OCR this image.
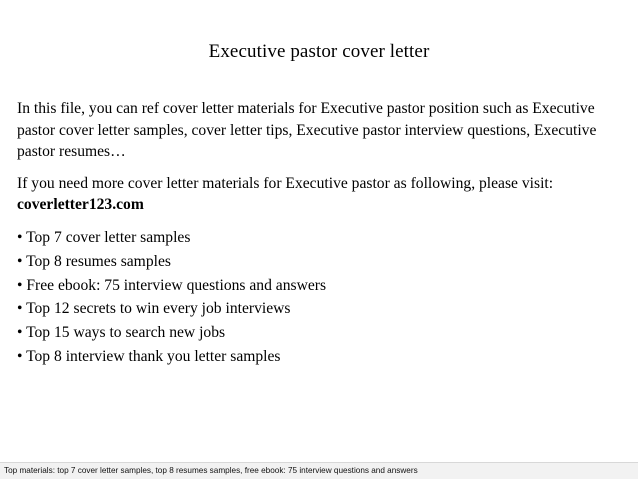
Executive pastor cover letter

In this file, you can ref cover letter materials for Executive pastor position such as Executive pastor cover letter samples, cover letter tips, Executive pastor interview questions, Executive pastor resumes…

If you need more cover letter materials for Executive pastor as following, please visit: coverletter123.com

• Top 7 cover letter samples
• Top 8 resumes samples
• Free ebook: 75 interview questions and answers
• Top 12 secrets to win every job interviews
• Top 15 ways to search new jobs
• Top 8 interview thank you letter samples
Top materials: top 7 cover letter samples, top 8 resumes samples, free ebook: 75 interview questions and answers
